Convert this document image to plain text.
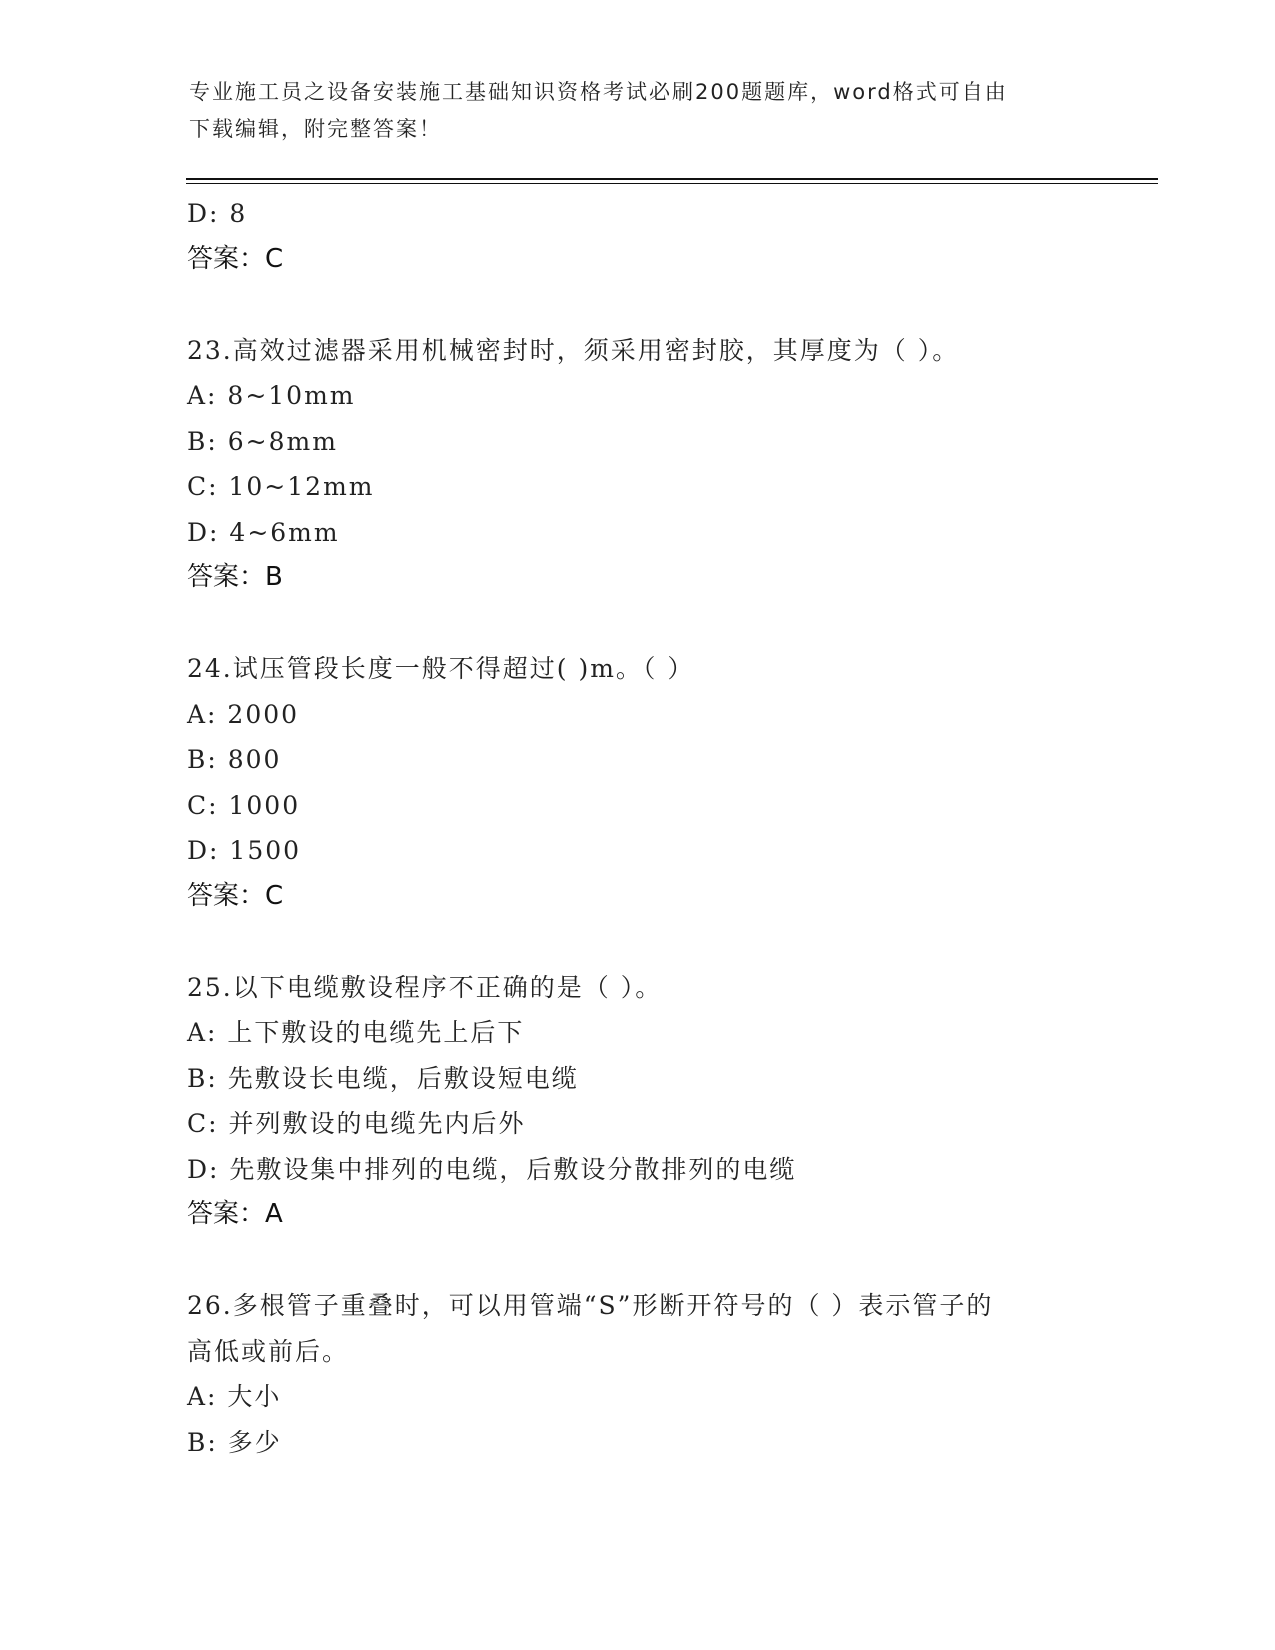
专业施工员之设备安装施工基础知识资格考试必刷200题题库，word格式可自由
下载编辑，附完整答案！
D: 8
答案：C
23.高效过滤器采用机械密封时，须采用密封胶，其厚度为（ ）。
A: 8~10mm
B: 6~8mm
C: 10~12mm
D: 4~6mm
答案：B
24.试压管段长度一般不得超过( )m。（ ）
A: 2000
B: 800
C: 1000
D: 1500
答案：C
25.以下电缆敷设程序不正确的是（ ）。
A: 上下敷设的电缆先上后下
B: 先敷设长电缆，后敷设短电缆
C: 并列敷设的电缆先内后外
D: 先敷设集中排列的电缆，后敷设分散排列的电缆
答案：A
26.多根管子重叠时，可以用管端“S”形断开符号的（ ）表示管子的
高低或前后。
A: 大小
B: 多少
